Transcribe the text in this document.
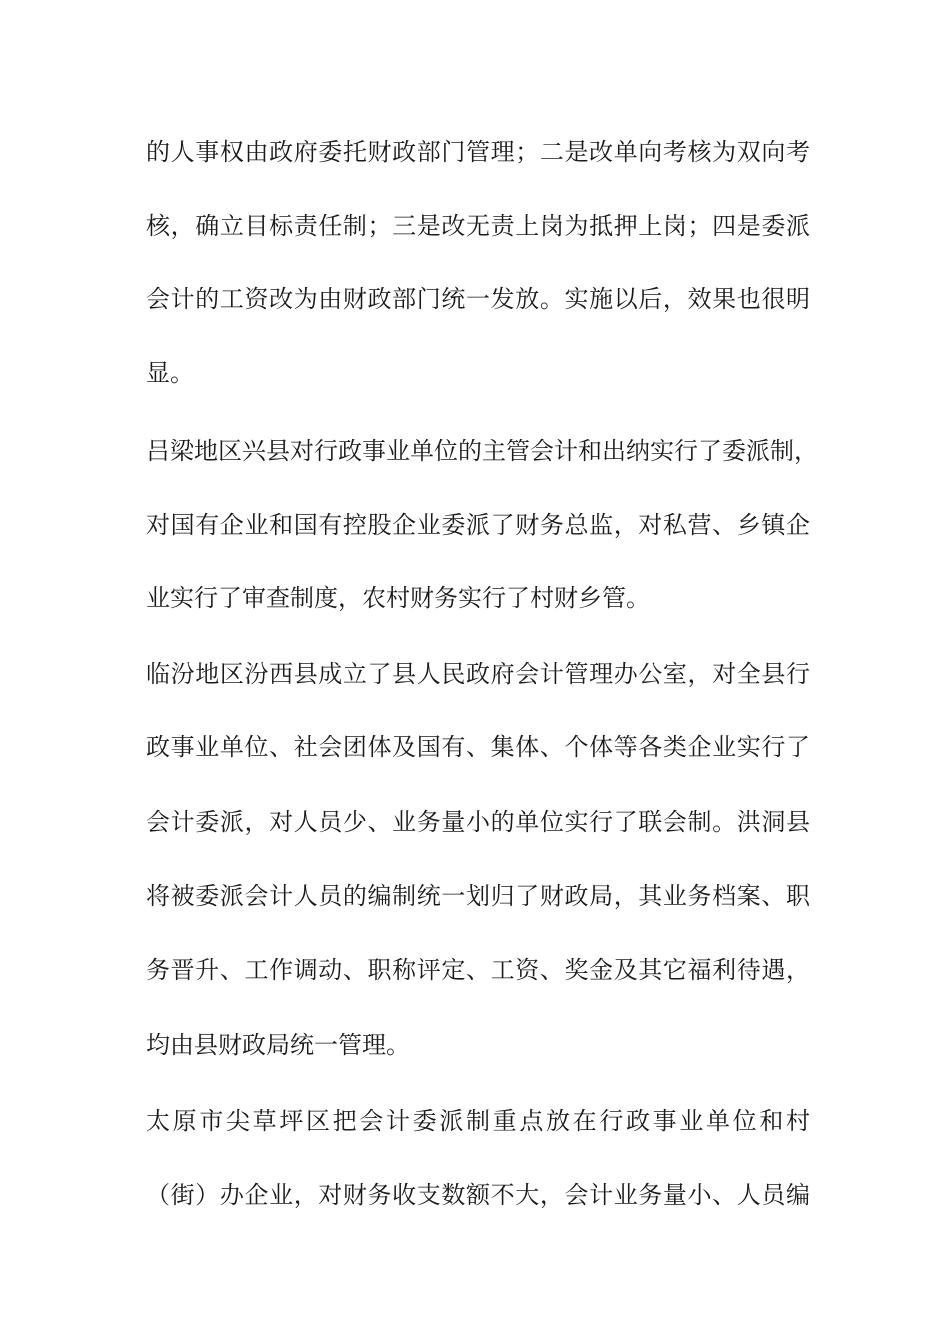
的人事权由政府委托财政部门管理；二是改单向考核为双向考
核，确立目标责任制；三是改无责上岗为抵押上岗；四是委派
会计的工资改为由财政部门统一发放。实施以后，效果也很明
显。
吕梁地区兴县对行政事业单位的主管会计和出纳实行了委派制，
对国有企业和国有控股企业委派了财务总监，对私营、乡镇企
业实行了审查制度，农村财务实行了村财乡管。
临汾地区汾西县成立了县人民政府会计管理办公室，对全县行
政事业单位、社会团体及国有、集体、个体等各类企业实行了
会计委派，对人员少、业务量小的单位实行了联会制。洪洞县
将被委派会计人员的编制统一划归了财政局，其业务档案、职
务晋升、工作调动、职称评定、工资、奖金及其它福利待遇，
均由县财政局统一管理。
太原市尖草坪区把会计委派制重点放在行政事业单位和村
（街）办企业，对财务收支数额不大，会计业务量小、人员编
